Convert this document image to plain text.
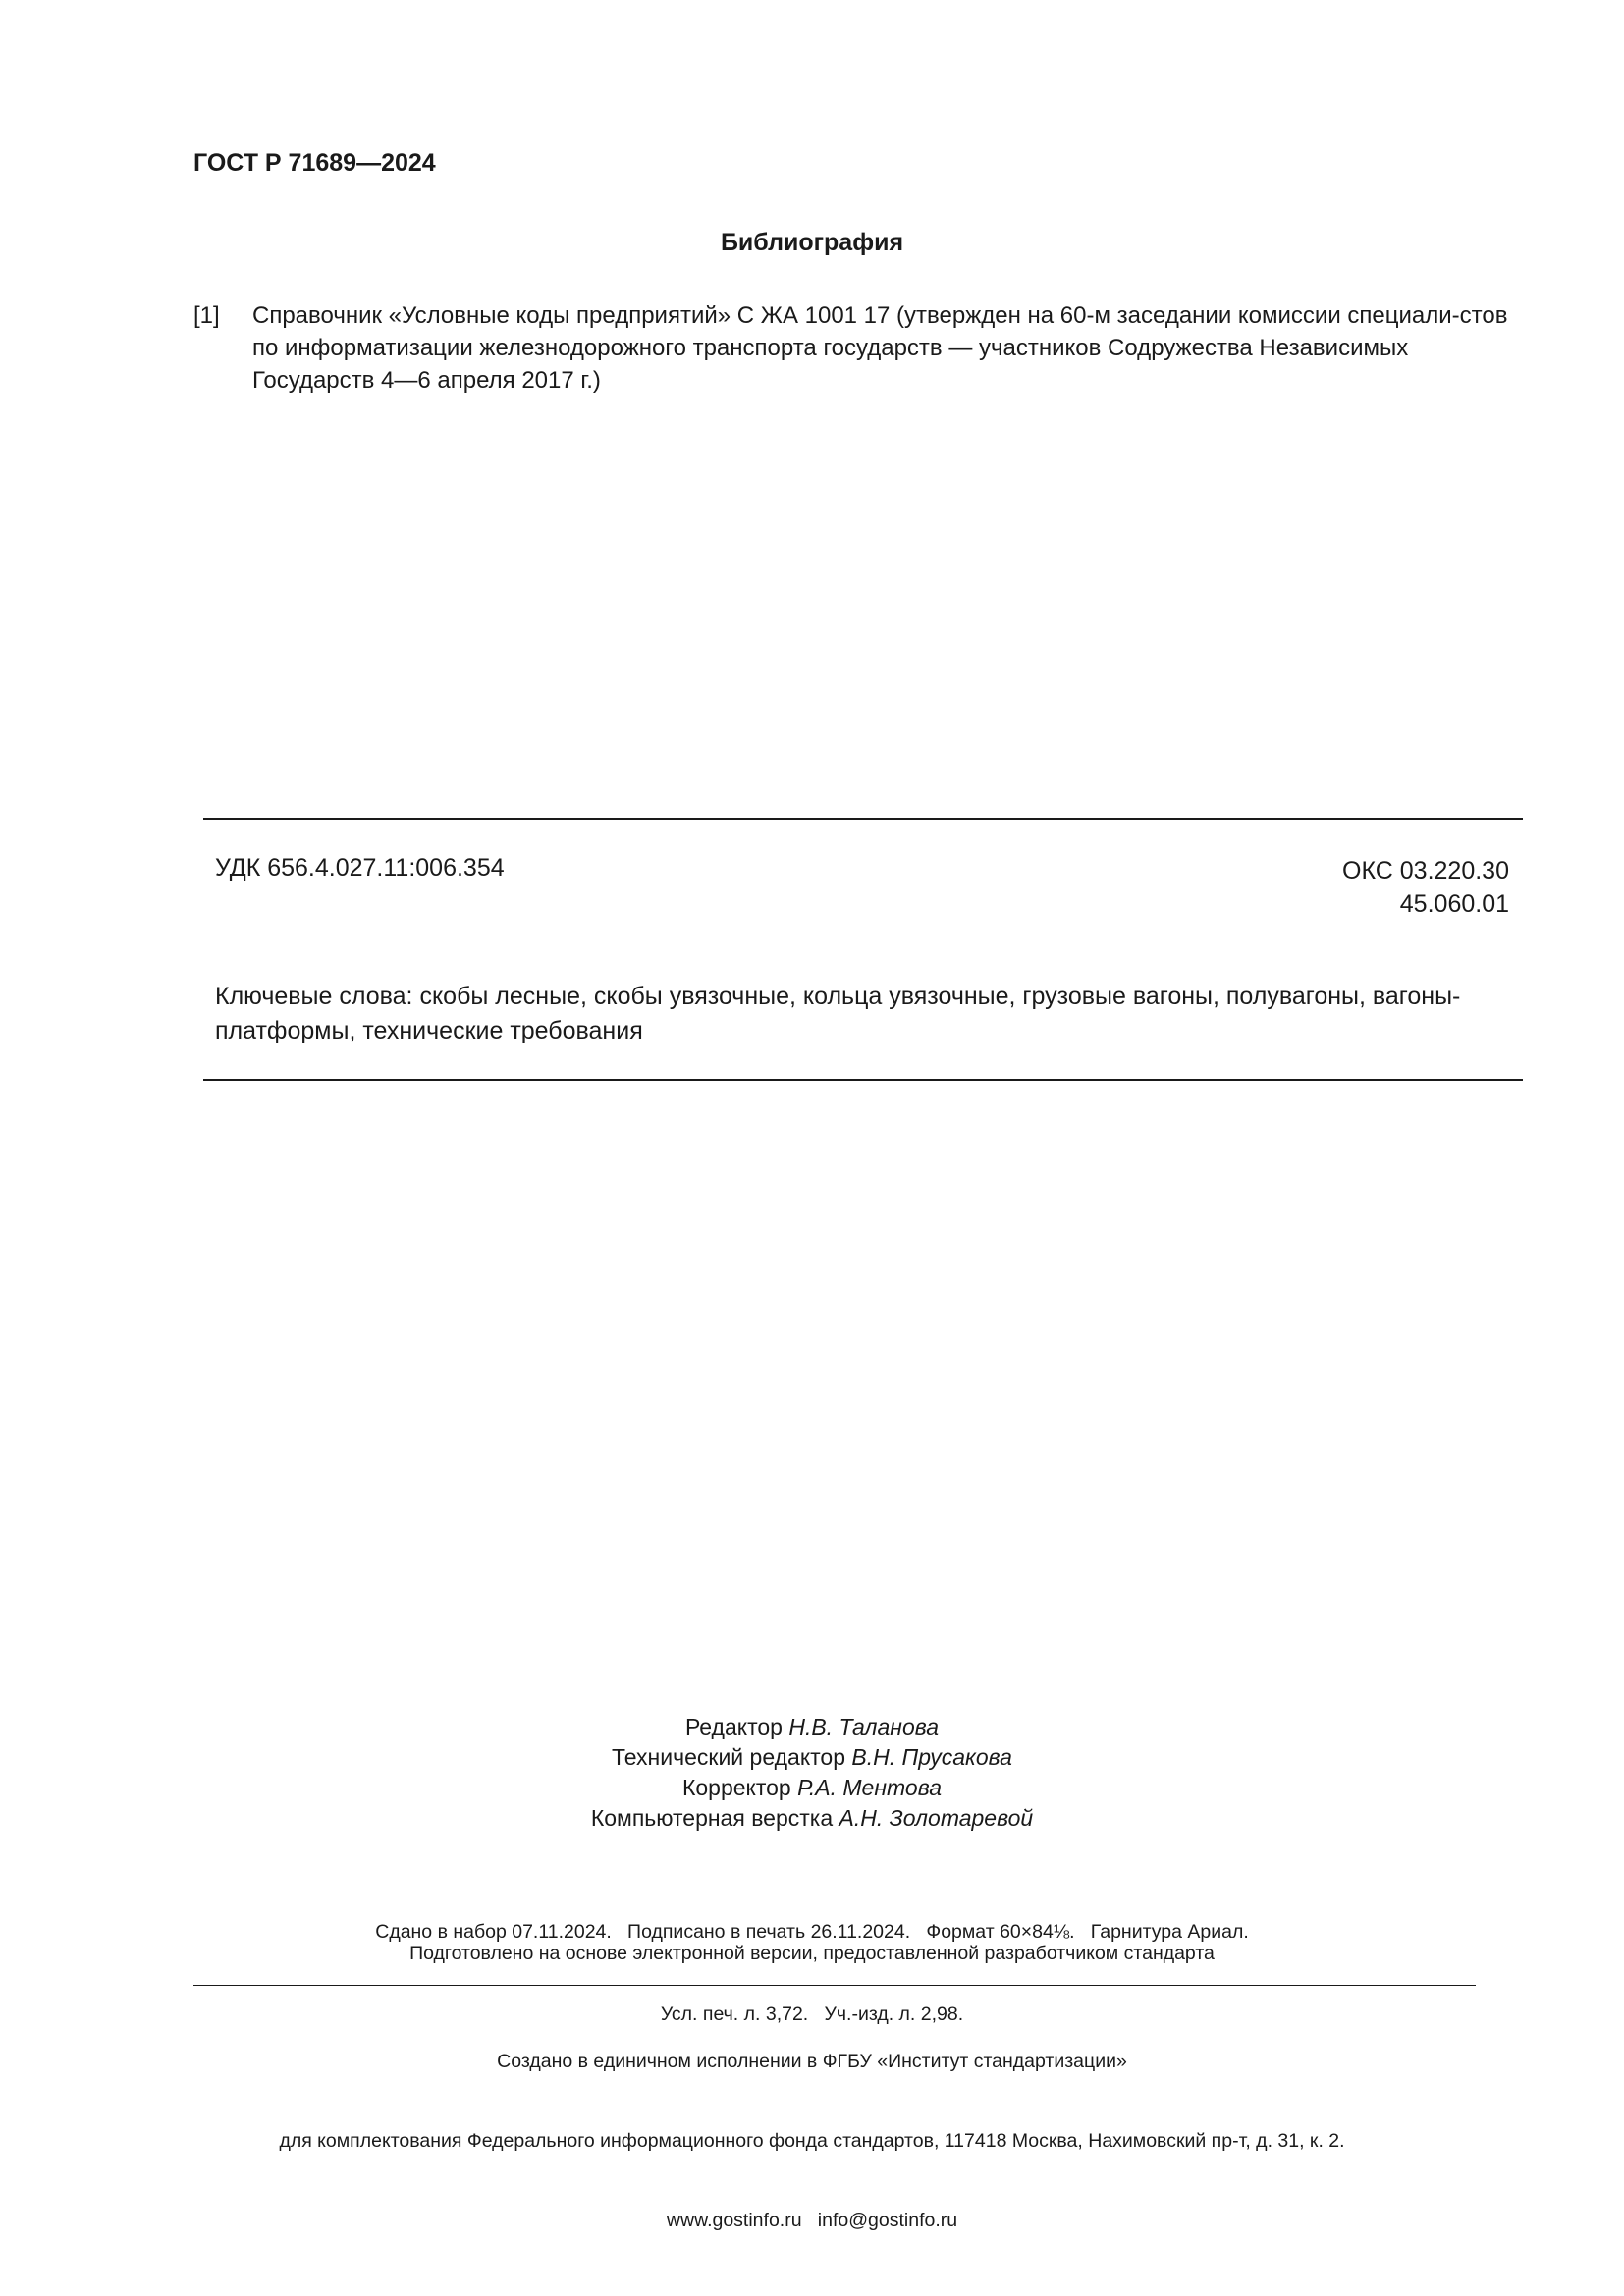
ГОСТ Р 71689—2024
Библиография
[1] Справочник «Условные коды предприятий» С ЖА 1001 17 (утвержден на 60-м заседании комиссии специали-стов по информатизации железнодорожного транспорта государств — участников Содружества Независимых Государств 4—6 апреля 2017 г.)
УДК 656.4.027.11:006.354	ОКС 03.220.30
45.060.01
Ключевые слова: скобы лесные, скобы увязочные, кольца увязочные, грузовые вагоны, полувагоны, вагоны-платформы, технические требования
Редактор Н.В. Таланова
Технический редактор В.Н. Прусакова
Корректор Р.А. Ментова
Компьютерная верстка А.Н. Золотаревой

Сдано в набор 07.11.2024.   Подписано в печать 26.11.2024.   Формат 60×84⅛.   Гарнитура Ариал.

Усл. печ. л. 3,72.   Уч.-изд. л. 2,98.

Подготовлено на основе электронной версии, предоставленной разработчиком стандарта

Создано в единичном исполнении в ФГБУ «Институт стандартизации»

для комплектования Федерального информационного фонда стандартов, 117418 Москва, Нахимовский пр-т, д. 31, к. 2.

www.gostinfo.ru   info@gostinfo.ru
